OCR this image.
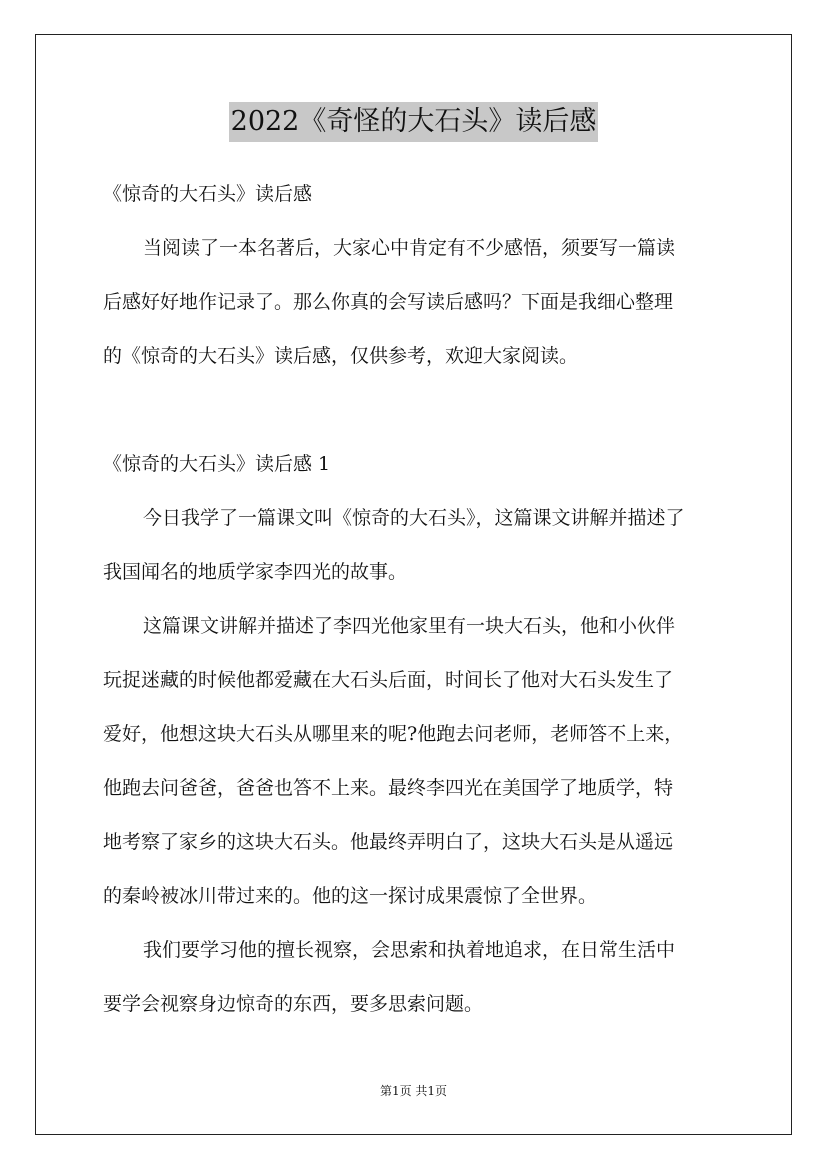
2022《奇怪的大石头》读后感
《惊奇的大石头》读后感
当阅读了一本名著后，大家心中肯定有不少感悟，须要写一篇读
后感好好地作记录了。那么你真的会写读后感吗？下面是我细心整理
的《惊奇的大石头》读后感，仅供参考，欢迎大家阅读。
《惊奇的大石头》读后感 1
今日我学了一篇课文叫《惊奇的大石头》，这篇课文讲解并描述了
我国闻名的地质学家李四光的故事。
这篇课文讲解并描述了李四光他家里有一块大石头，他和小伙伴
玩捉迷藏的时候他都爱藏在大石头后面，时间长了他对大石头发生了
爱好，他想这块大石头从哪里来的呢?他跑去问老师，老师答不上来，
他跑去问爸爸，爸爸也答不上来。最终李四光在美国学了地质学，特
地考察了家乡的这块大石头。他最终弄明白了，这块大石头是从遥远
的秦岭被冰川带过来的。他的这一探讨成果震惊了全世界。
我们要学习他的擅长视察，会思索和执着地追求，在日常生活中
要学会视察身边惊奇的东西，要多思索问题。
第1页 共1页
